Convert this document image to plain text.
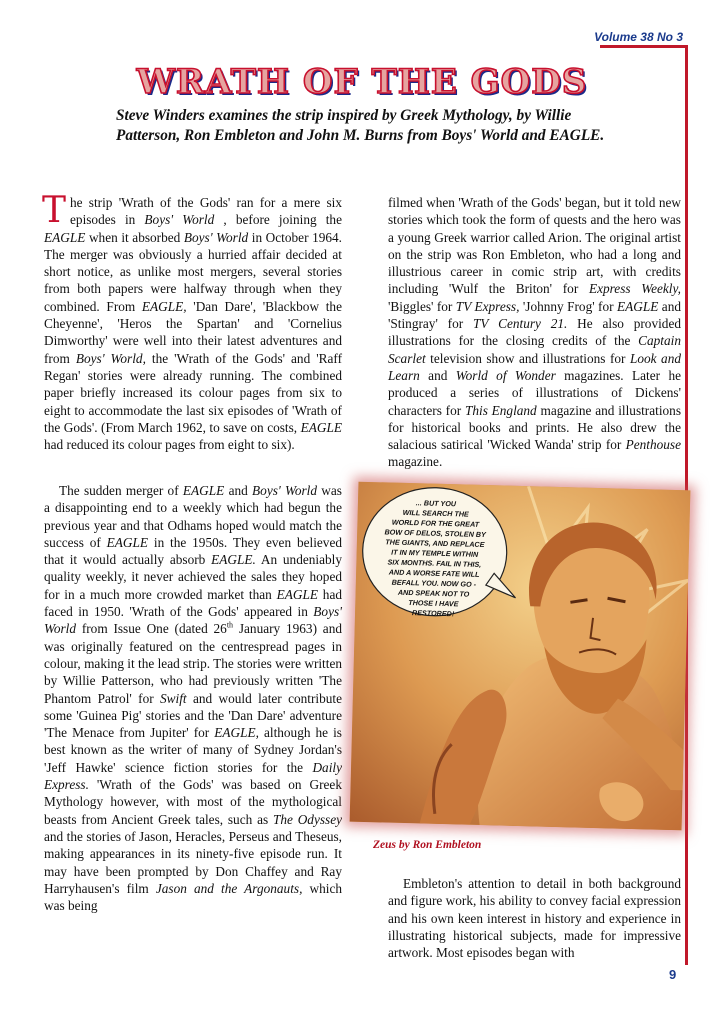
Volume 38 No 3
WRATH OF THE GODS
Steve Winders examines the strip inspired by Greek Mythology, by Willie Patterson, Ron Embleton and John M. Burns from Boys' World and EAGLE.

The strip 'Wrath of the Gods' ran for a mere six episodes in Boys' World , before joining the EAGLE when it absorbed Boys' World in October 1964. The merger was obviously a hurried affair decided at short notice, as unlike most mergers, several stories from both papers were halfway through when they combined. From EAGLE, 'Dan Dare', 'Blackbow the Cheyenne', 'Heros the Spartan' and 'Cornelius Dimworthy' were well into their latest adventures and from Boys' World, the 'Wrath of the Gods' and 'Raff Regan' stories were already running. The combined paper briefly increased its colour pages from six to eight to accommodate the last six episodes of 'Wrath of the Gods'. (From March 1962, to save on costs, EAGLE had reduced its colour pages from eight to six).

filmed when 'Wrath of the Gods' began, but it told new stories which took the form of quests and the hero was a young Greek warrior called Arion. The original artist on the strip was Ron Embleton, who had a long and illustrious career in comic strip art, with credits including 'Wulf the Briton' for Express Weekly, 'Biggles' for TV Express, 'Johnny Frog' for EAGLE and 'Stingray' for TV Century 21. He also provided illustrations for the closing credits of the Captain Scarlet television show and illustrations for Look and Learn and World of Wonder magazines. Later he produced a series of illustrations of Dickens' characters for This England magazine and illustrations for historical books and prints. He also drew the salacious satirical 'Wicked Wanda' strip for Penthouse magazine.

The sudden merger of EAGLE and Boys' World was a disappointing end to a weekly which had begun the previous year and that Odhams hoped would match the success of EAGLE in the 1950s. They even believed that it would actually absorb EAGLE. An undeniably quality weekly, it never achieved the sales they hoped for in a much more crowded market than EAGLE had faced in 1950. 'Wrath of the Gods' appeared in Boys' World from Issue One (dated 26th January 1963) and was originally featured on the centrespread pages in colour, making it the lead strip. The stories were written by Willie Patterson, who had previously written 'The Phantom Patrol' for Swift and would later contribute some 'Guinea Pig' stories and the 'Dan Dare' adventure 'The Menace from Jupiter' for EAGLE, although he is best known as the writer of many of Sydney Jordan's 'Jeff Hawke' science fiction stories for the Daily Express. 'Wrath of the Gods' was based on Greek Mythology however, with most of the mythological beasts from Ancient Greek tales, such as The Odyssey and the stories of Jason, Heracles, Perseus and Theseus, making appearances in its ninety-five episode run. It may have been prompted by Don Chaffey and Ray Harryhausen's film Jason and the Argonauts, which was being

Embleton's attention to detail in both background and figure work, his ability to convey facial expression and his own keen interest in history and experience in illustrating historical subjects, made for impressive artwork. Most episodes began with

... BUT YOU
WILL SEARCH THE
WORLD FOR THE GREAT
BOW OF DELOS, STOLEN BY
THE GIANTS, AND REPLACE
IT IN MY TEMPLE WITHIN
SIX MONTHS. FAIL IN THIS,
AND A WORSE FATE WILL
BEFALL YOU. NOW GO -
AND SPEAK NOT TO
THOSE I HAVE
RESTORED!
Zeus by Ron Embleton
9
